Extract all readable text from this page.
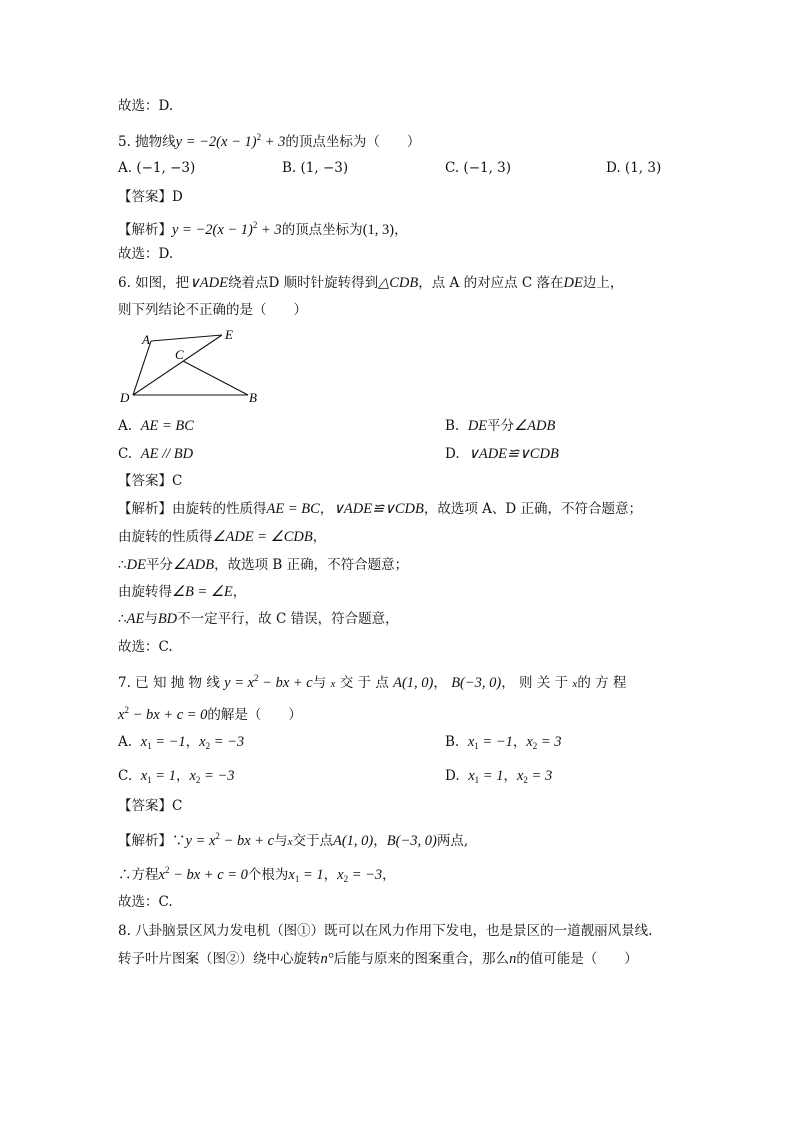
故选：D.
5. 抛物线$y = -2(x - 1)^2 + 3$的顶点坐标为（　　）
A. (−1, −3)	B. (1, −3)	C. (−1, 3)	D. (1, 3)
【答案】D
【解析】$y = -2(x - 1)^2 + 3$的顶点坐标为(1, 3)，
故选：D.
6. 如图，把∨ADE绕着点D 顺时针旋转得到△CDB，点 A 的对应点 C 落在DE边上，
则下列结论不正确的是（　　）
A	E
C
D	B
A. AE = BC	B. DE平分∠ADB
C. AE // BD	D. ∨ADE≌∨CDB
【答案】C
【解析】由旋转的性质得AE = BC，∨ADE≌∨CDB，故选项 A、D 正确，不符合题意；
由旋转的性质得∠ADE = ∠CDB，
∴DE平分∠ADB，故选项 B 正确，不符合题意；
由旋转得∠B = ∠E，
∴AE与BD不一定平行，故 C 错误，符合题意，
故选：C.
7. 已 知 抛 物 线 $y = x^2$ − bx + c与 x 交 于 点 A(1, 0)， B(−3, 0)， 则 关 于 x的 方 程
$x^2$ − bx + c = 0的解是（　　）
A. $x_1 = -1$，$x_2 = -3$	B. $x_1 = -1$，$x_2 = 3$
C. $x_1 = 1$，$x_2 = -3$	D. $x_1 = 1$，$x_2 = 3$
【答案】C
【解析】∵y = $x^2$ − bx + c与x交于点A(1, 0)，B(−3, 0)两点,
∴方程$x^2$ − bx + c = 0个根为$x_1 = 1$，$x_2 = -3$，
故选：C.
8. 八卦脑景区风力发电机（图①）既可以在风力作用下发电，也是景区的一道靓丽风景线.
转子叶片图案（图②）绕中心旋转n°后能与原来的图案重合，那么n的值可能是（　　）
